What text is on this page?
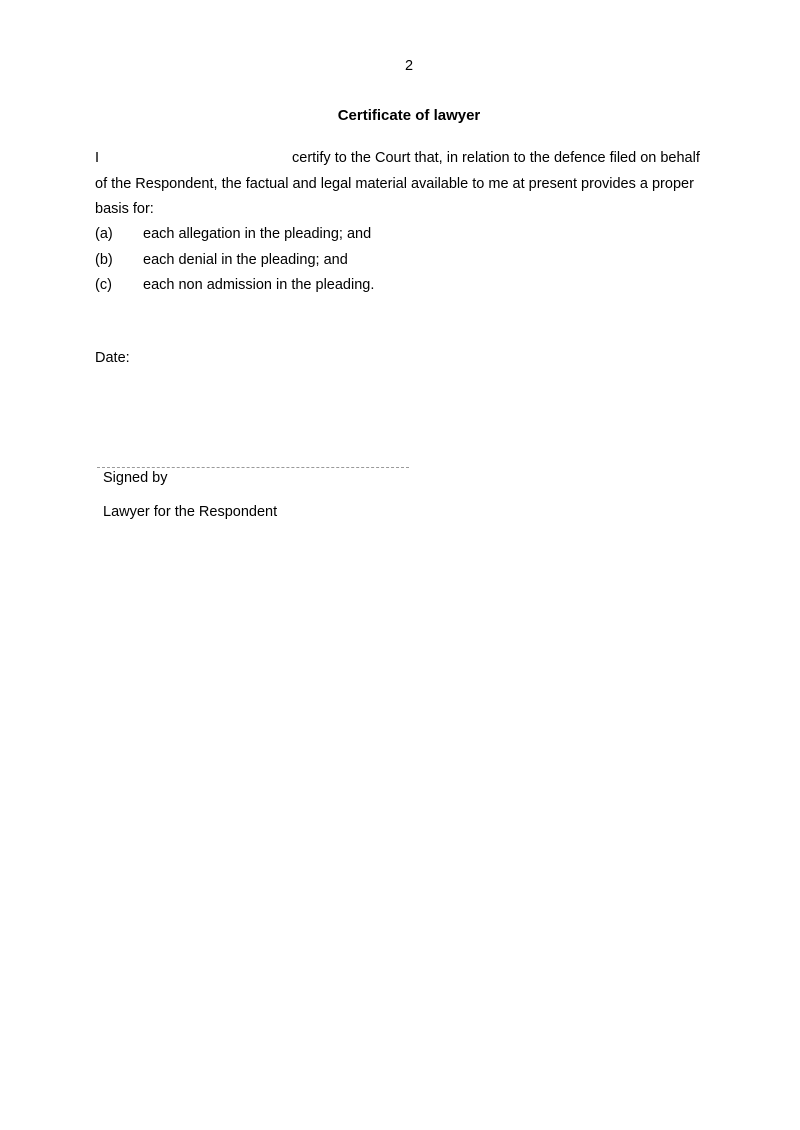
2
Certificate of lawyer
I	certify to the Court that, in relation to the defence filed on behalf of the Respondent, the factual and legal material available to me at present provides a proper basis for:
(a)	each allegation in the pleading; and
(b)	each denial in the pleading; and
(c)	each non admission in the pleading.
Date:
Signed by
Lawyer for the Respondent
